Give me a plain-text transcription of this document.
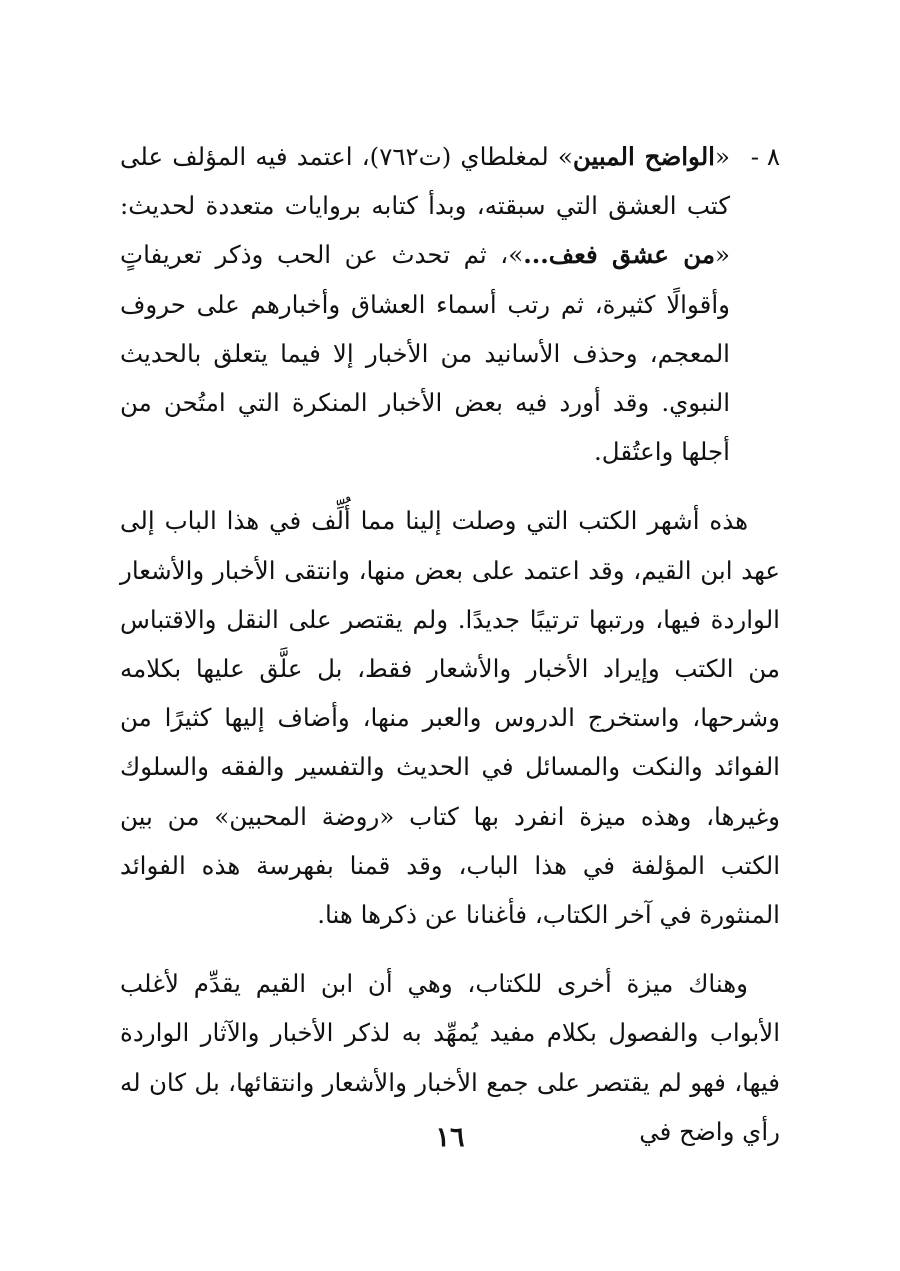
٨ -

«الواضح المبين» لمغلطاي (ت٧٦٢)، اعتمد فيه المؤلف على كتب العشق التي سبقته، وبدأ كتابه بروايات متعددة لحديث: «من عشق فعف...»، ثم تحدث عن الحب وذكر تعريفاتٍ وأقوالًا كثيرة، ثم رتب أسماء العشاق وأخبارهم على حروف المعجم، وحذف الأسانيد من الأخبار إلا فيما يتعلق بالحديث النبوي. وقد أورد فيه بعض الأخبار المنكرة التي امتُحن من أجلها واعتُقل.

هذه أشهر الكتب التي وصلت إلينا مما أُلِّف في هذا الباب إلى عهد ابن القيم، وقد اعتمد على بعض منها، وانتقى الأخبار والأشعار الواردة فيها، ورتبها ترتيبًا جديدًا. ولم يقتصر على النقل والاقتباس من الكتب وإيراد الأخبار والأشعار فقط، بل علَّق عليها بكلامه وشرحها، واستخرج الدروس والعبر منها، وأضاف إليها كثيرًا من الفوائد والنكت والمسائل في الحديث والتفسير والفقه والسلوك وغيرها، وهذه ميزة انفرد بها كتاب «روضة المحبين» من بين الكتب المؤلفة في هذا الباب، وقد قمنا بفهرسة هذه الفوائد المنثورة في آخر الكتاب، فأغنانا عن ذكرها هنا.

وهناك ميزة أخرى للكتاب، وهي أن ابن القيم يقدِّم لأغلب الأبواب والفصول بكلام مفيد يُمهِّد به لذكر الأخبار والآثار الواردة فيها، فهو لم يقتصر على جمع الأخبار والأشعار وانتقائها، بل كان له رأي واضح في

١٦
